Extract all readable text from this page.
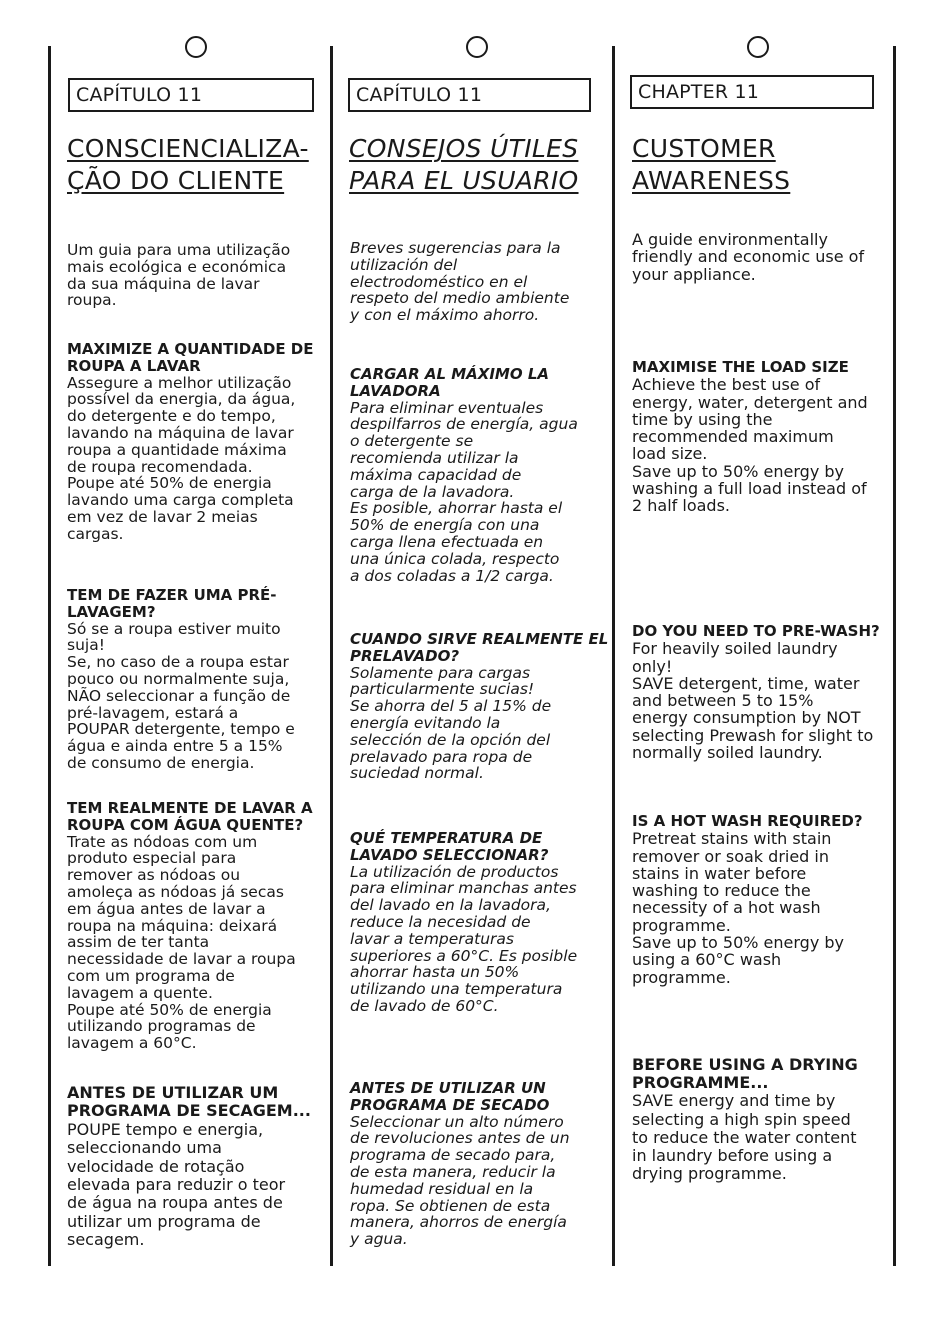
CAPÍTULO 11
CONSCIENCIALIZA-
ÇÃO DO CLIENTE
Um guia para uma utilização
mais ecológica e económica
da sua máquina de lavar
roupa.
MAXIMIZE A QUANTIDADE DE
ROUPA A LAVAR
Assegure a melhor utilização
possível da energia, da água,
do detergente e do tempo,
lavando na máquina de lavar
roupa a quantidade máxima
de roupa recomendada.
Poupe até 50% de energia
lavando uma carga completa
em vez de lavar 2 meias
cargas.
TEM DE FAZER UMA PRÉ-
LAVAGEM?
Só se a roupa estiver muito
suja!
Se, no caso de a roupa estar
pouco ou normalmente suja,
NÃO seleccionar a função de
pré-lavagem, estará a
POUPAR detergente, tempo e
água e ainda entre 5 a 15%
de consumo de energia.
TEM REALMENTE DE LAVAR A
ROUPA COM ÁGUA QUENTE?
Trate as nódoas com um
produto especial para
remover as nódoas ou
amoleça as nódoas já secas
em água antes de lavar a
roupa na máquina: deixará
assim de ter tanta
necessidade de lavar a roupa
com um programa de
lavagem a quente.
Poupe até 50% de energia
utilizando programas de
lavagem a 60°C.
ANTES DE UTILIZAR UM
PROGRAMA DE SECAGEM...
POUPE tempo e energia,
seleccionando uma
velocidade de rotação
elevada para reduzir o teor
de água na roupa antes de
utilizar um programa de
secagem.
CAPÍTULO 11
CONSEJOS ÚTILES
PARA EL USUARIO
Breves sugerencias para la
utilización del
electrodoméstico en el
respeto del medio ambiente
y con el máximo ahorro.
CARGAR AL MÁXIMO LA
LAVADORA
Para eliminar eventuales
despilfarros de energía, agua
o detergente se
recomienda utilizar la
máxima capacidad de
carga de la lavadora.
Es posible, ahorrar hasta el
50% de energía con una
carga llena efectuada en
una única colada, respecto
a dos coladas a 1/2 carga.
CUANDO SIRVE REALMENTE EL
PRELAVADO?
Solamente para cargas
particularmente sucias!
Se ahorra del 5 al 15% de
energía evitando la
selección de la opción del
prelavado para ropa de
suciedad normal.
QUÉ TEMPERATURA DE
LAVADO SELECCIONAR?
La utilización de productos
para eliminar manchas antes
del lavado en la lavadora,
reduce la necesidad de
lavar a temperaturas
superiores a 60°C. Es posible
ahorrar hasta un 50%
utilizando una temperatura
de lavado de 60°C.
ANTES DE UTILIZAR UN
PROGRAMA DE SECADO
Seleccionar un alto número
de revoluciones antes de un
programa de secado para,
de esta manera, reducir la
humedad residual en la
ropa. Se obtienen de esta
manera, ahorros de energía
y agua.
CHAPTER 11
CUSTOMER
AWARENESS
A guide environmentally
friendly and economic use of
your appliance.
MAXIMISE THE LOAD SIZE
Achieve the best use of
energy, water, detergent and
time by using the
recommended maximum
load size.
Save up to 50% energy by
washing a full load instead of
2 half loads.
DO YOU NEED TO PRE-WASH?
For heavily soiled laundry
only!
SAVE detergent, time, water
and between 5 to 15%
energy consumption by NOT
selecting Prewash for slight to
normally soiled laundry.
IS A HOT WASH REQUIRED?
Pretreat stains with stain
remover or soak dried in
stains in water before
washing to reduce the
necessity of a hot wash
programme.
Save up to 50% energy by
using a 60°C wash
programme.
BEFORE USING A DRYING
PROGRAMME...
SAVE energy and time by
selecting a high spin speed
to reduce the water content
in laundry before using a
drying programme.
